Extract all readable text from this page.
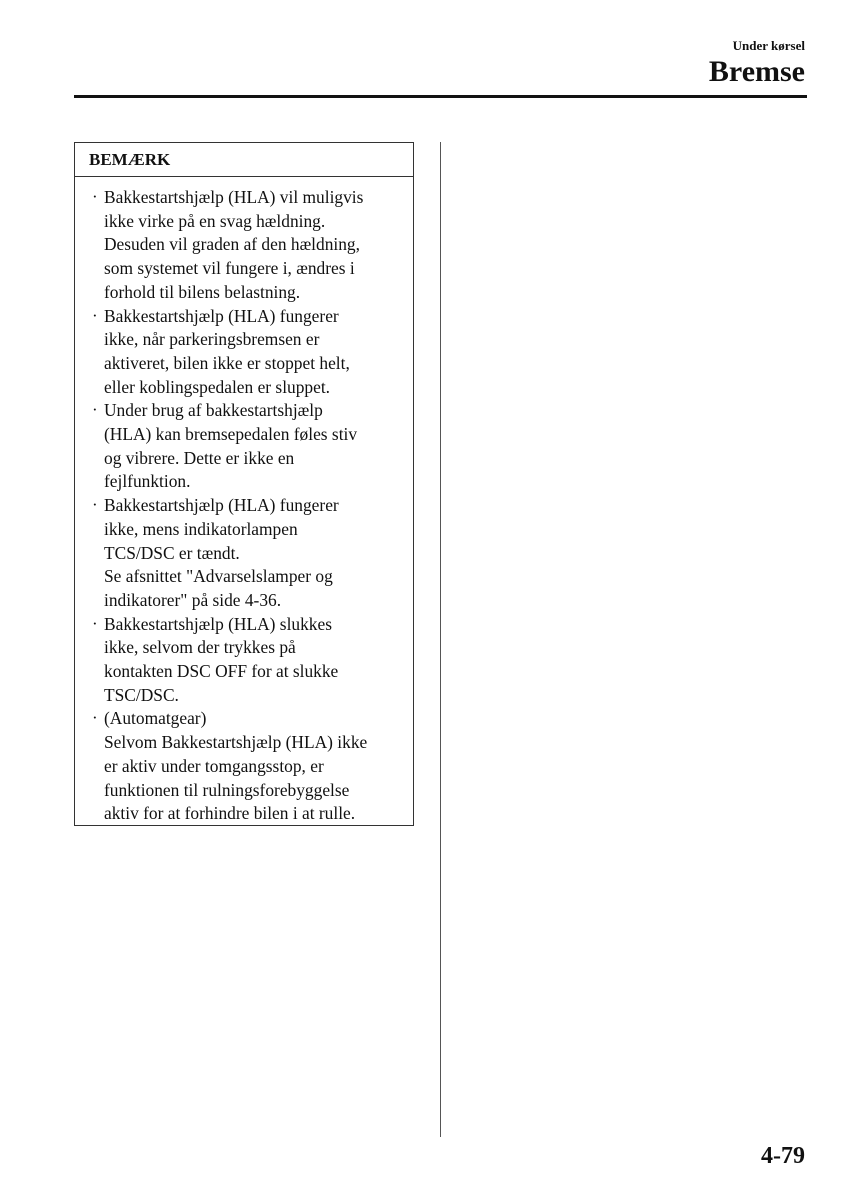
Under kørsel
Bremse
BEMÆRK
· Bakkestartshjælp (HLA) vil muligvis
ikke virke på en svag hældning.
Desuden vil graden af den hældning,
som systemet vil fungere i, ændres i
forhold til bilens belastning.
· Bakkestartshjælp (HLA) fungerer
ikke, når parkeringsbremsen er
aktiveret, bilen ikke er stoppet helt,
eller koblingspedalen er sluppet.
· Under brug af bakkestartshjælp
(HLA) kan bremsepedalen føles stiv
og vibrere. Dette er ikke en
fejlfunktion.
· Bakkestartshjælp (HLA) fungerer
ikke, mens indikatorlampen
TCS/DSC er tændt.
Se afsnittet "Advarselslamper og
indikatorer" på side 4-36.
· Bakkestartshjælp (HLA) slukkes
ikke, selvom der trykkes på
kontakten DSC OFF for at slukke
TSC/DSC.
· (Automatgear)
Selvom Bakkestartshjælp (HLA) ikke
er aktiv under tomgangsstop, er
funktionen til rulningsforebyggelse
aktiv for at forhindre bilen i at rulle.
4-79
